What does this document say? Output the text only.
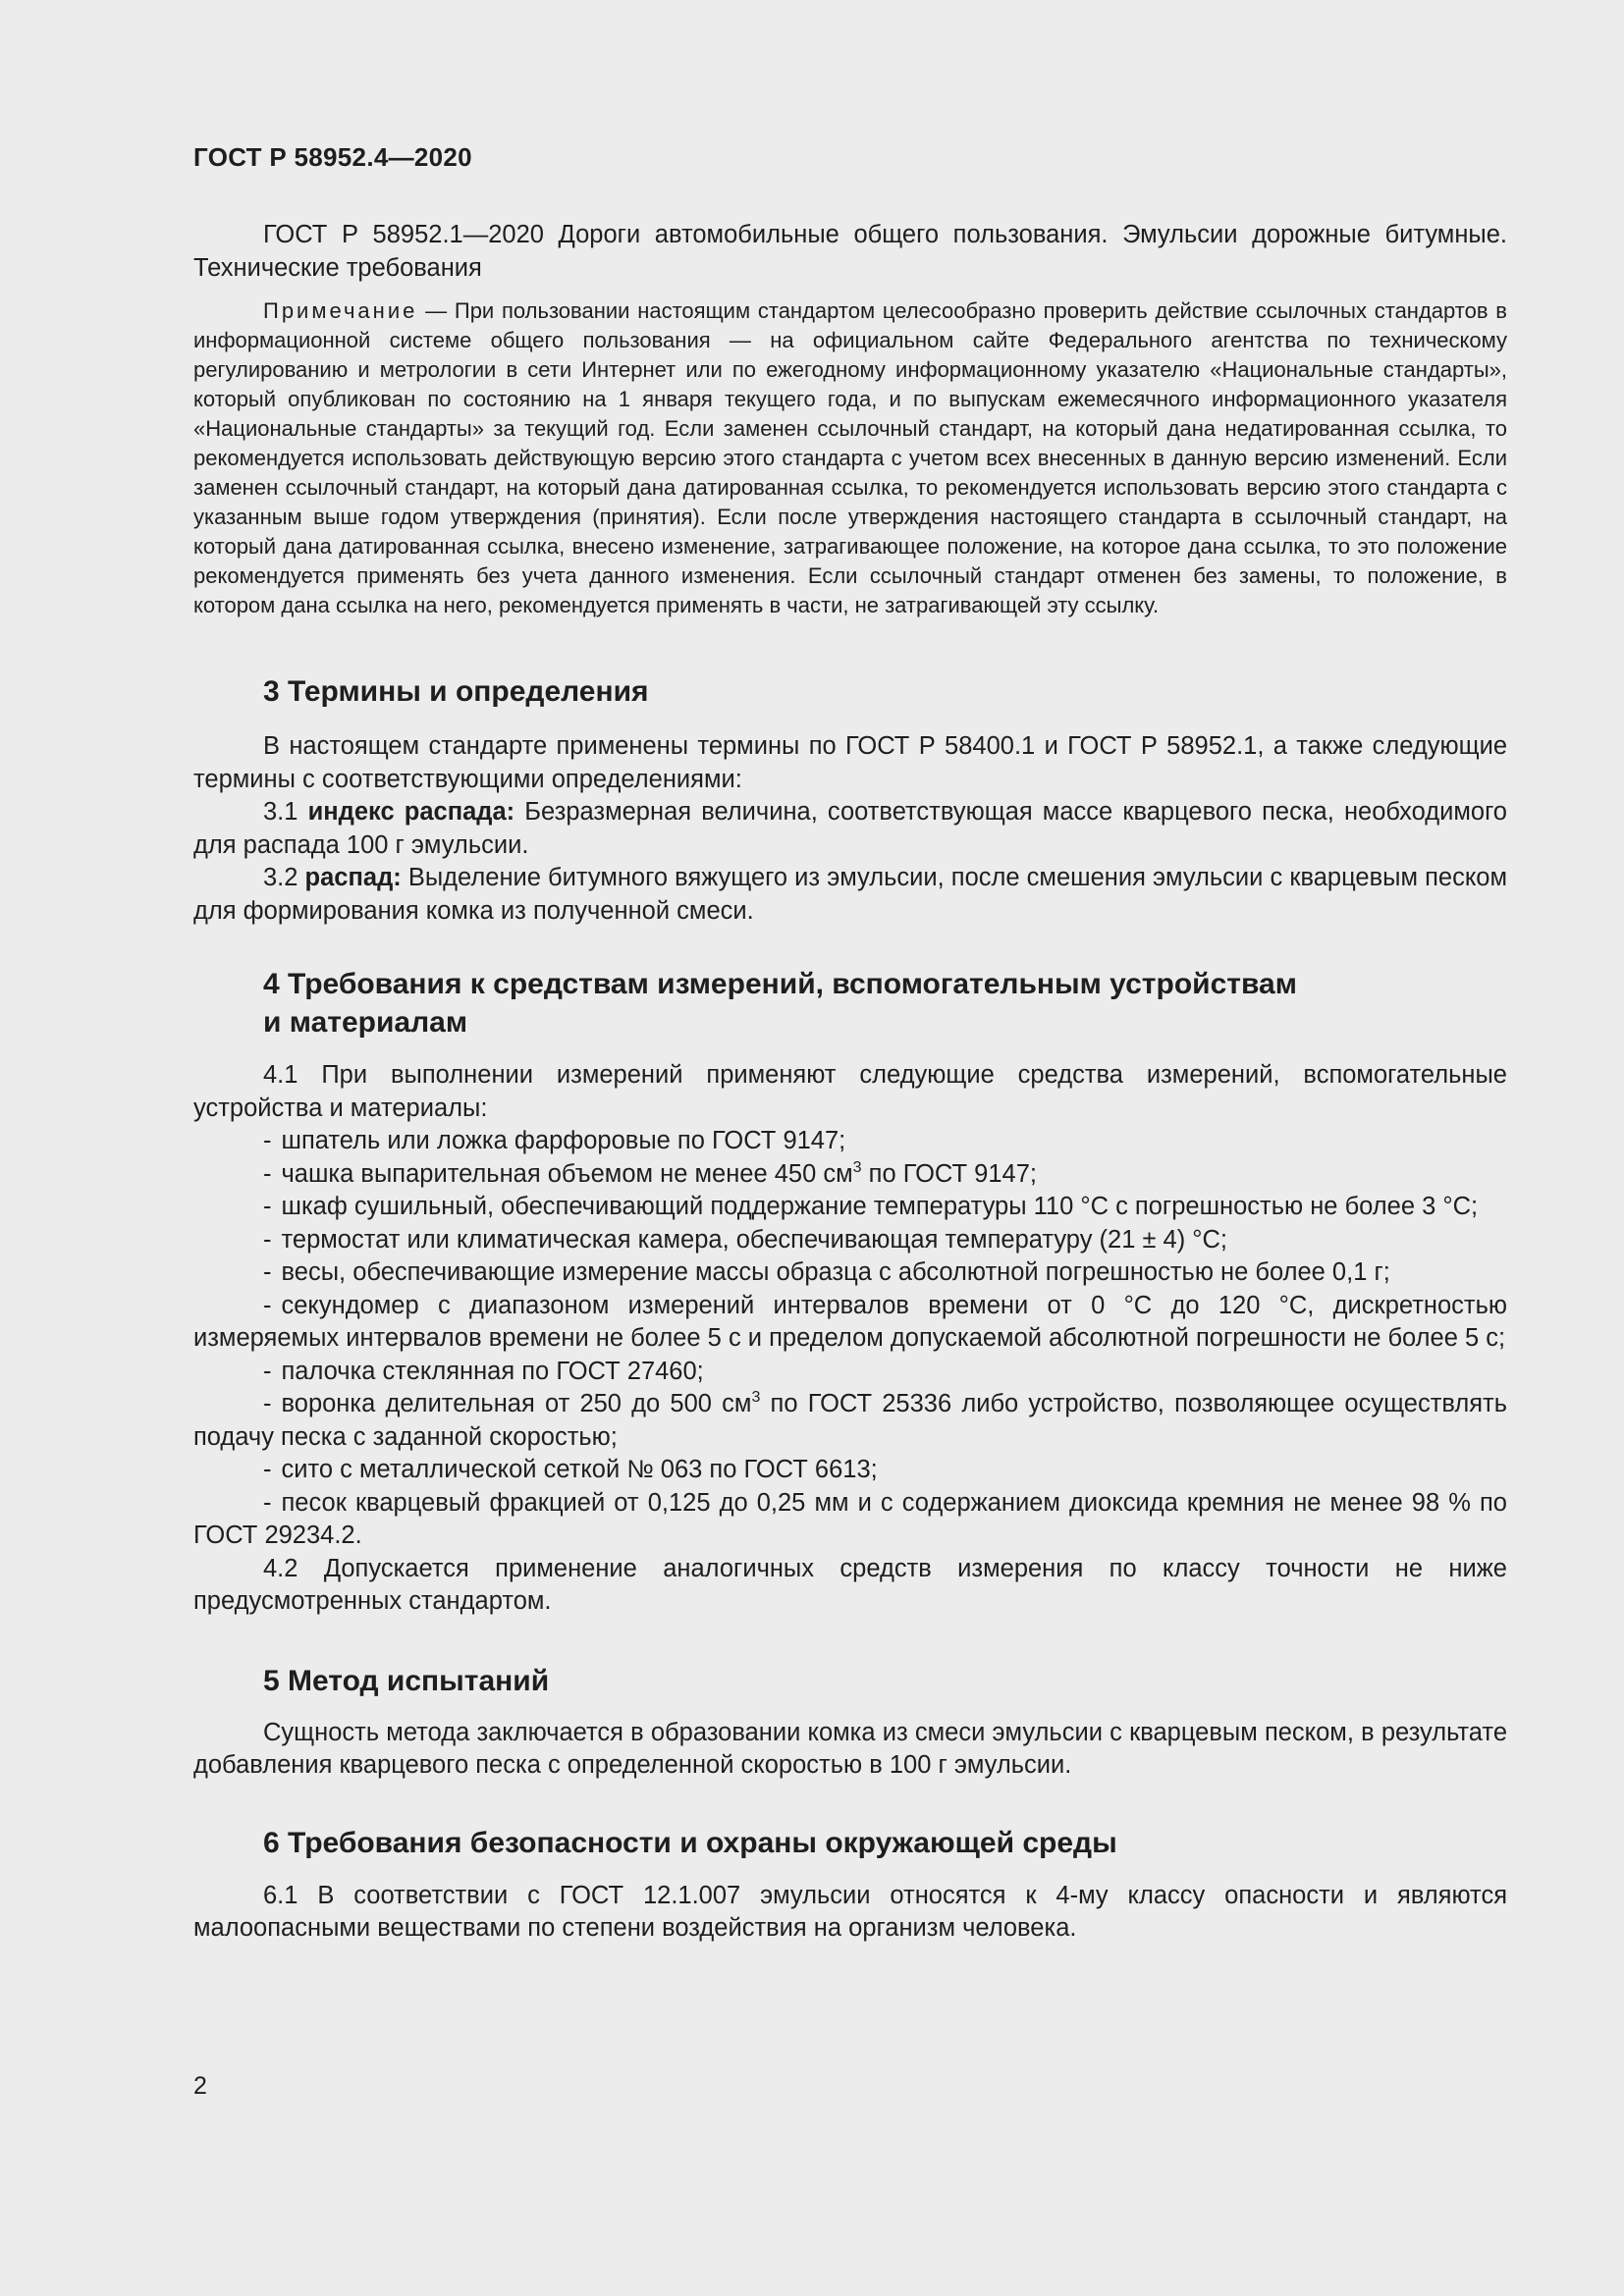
ГОСТ Р 58952.4—2020

ГОСТ Р 58952.1—2020 Дороги автомобильные общего пользования. Эмульсии дорожные битумные. Технические требования

Примечание — При пользовании настоящим стандартом целесообразно проверить действие ссылочных стандартов в информационной системе общего пользования — на официальном сайте Федерального агентства по техническому регулированию и метрологии в сети Интернет или по ежегодному информационному указателю «Национальные стандарты», который опубликован по состоянию на 1 января текущего года, и по выпускам ежемесячного информационного указателя «Национальные стандарты» за текущий год. Если заменен ссылочный стандарт, на который дана недатированная ссылка, то рекомендуется использовать действующую версию этого стандарта с учетом всех внесенных в данную версию изменений. Если заменен ссылочный стандарт, на который дана датированная ссылка, то рекомендуется использовать версию этого стандарта с указанным выше годом утверждения (принятия). Если после утверждения настоящего стандарта в ссылочный стандарт, на который дана датированная ссылка, внесено изменение, затрагивающее положение, на которое дана ссылка, то это положение рекомендуется применять без учета данного изменения. Если ссылочный стандарт отменен без замены, то положение, в котором дана ссылка на него, рекомендуется применять в части, не затрагивающей эту ссылку.

3 Термины и определения

В настоящем стандарте применены термины по ГОСТ Р 58400.1 и ГОСТ Р 58952.1, а также следующие термины с соответствующими определениями:

3.1 индекс распада: Безразмерная величина, соответствующая массе кварцевого песка, необходимого для распада 100 г эмульсии.

3.2 распад: Выделение битумного вяжущего из эмульсии, после смешения эмульсии с кварцевым песком для формирования комка из полученной смеси.

4 Требования к средствам измерений, вспомогательным устройствам
и материалам

4.1 При выполнении измерений применяют следующие средства измерений, вспомогательные устройства и материалы:

- шпатель или ложка фарфоровые по ГОСТ 9147;
- чашка выпарительная объемом не менее 450 $см^3$ по ГОСТ 9147;
- шкаф сушильный, обеспечивающий поддержание температуры 110 °C с погрешностью не более 3 °C;
- термостат или климатическая камера, обеспечивающая температуру (21 ± 4) °C;
- весы, обеспечивающие измерение массы образца с абсолютной погрешностью не более 0,1 г;
- секундомер с диапазоном измерений интервалов времени от 0 °C до 120 °C, дискретностью измеряемых интервалов времени не более 5 с и пределом допускаемой абсолютной погрешности не более 5 с;
- палочка стеклянная по ГОСТ 27460;
- воронка делительная от 250 до 500 $см^3$ по ГОСТ 25336 либо устройство, позволяющее осуществлять подачу песка с заданной скоростью;
- сито с металлической сеткой № 063 по ГОСТ 6613;
- песок кварцевый фракцией от 0,125 до 0,25 мм и с содержанием диоксида кремния не менее 98 % по ГОСТ 29234.2.

4.2 Допускается применение аналогичных средств измерения по классу точности не ниже предусмотренных стандартом.

5 Метод испытаний

Сущность метода заключается в образовании комка из смеси эмульсии с кварцевым песком, в результате добавления кварцевого песка с определенной скоростью в 100 г эмульсии.

6 Требования безопасности и охраны окружающей среды

6.1 В соответствии с ГОСТ 12.1.007 эмульсии относятся к 4-му классу опасности и являются малоопасными веществами по степени воздействия на организм человека.

2
